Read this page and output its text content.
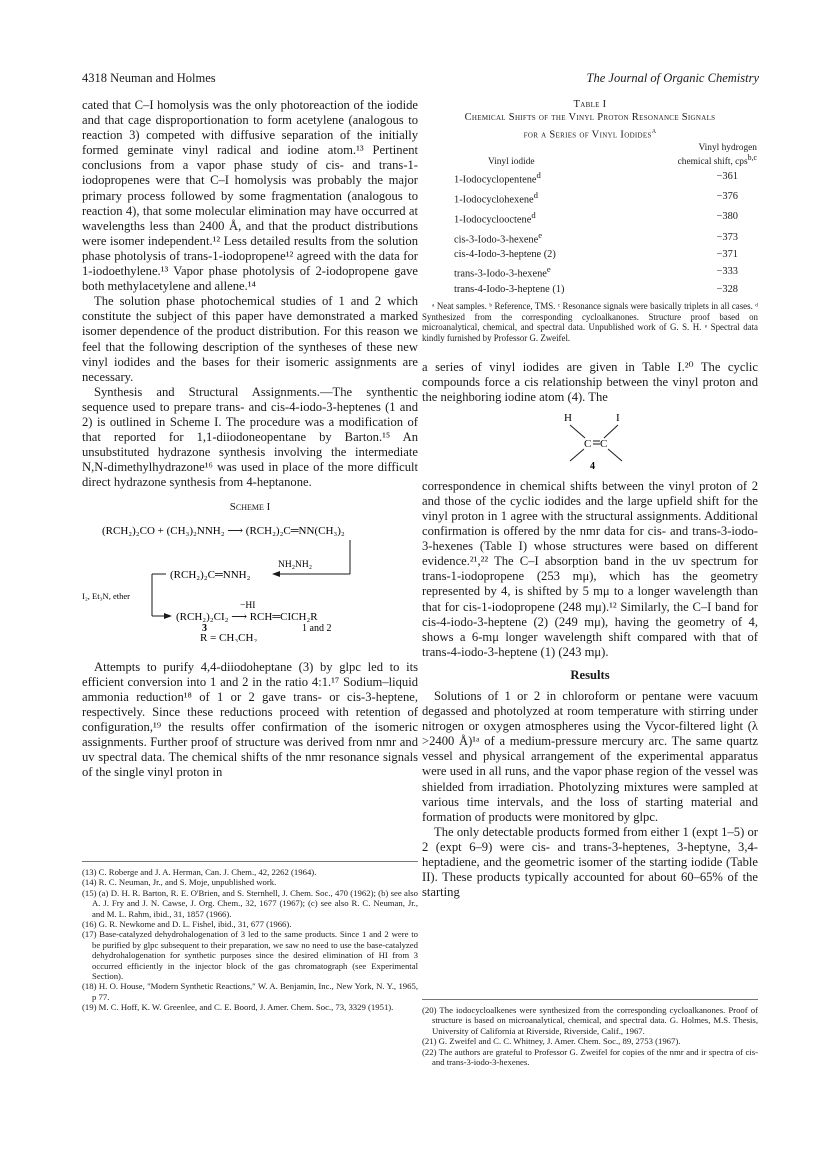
4318 Neuman and Holmes	The Journal of Organic Chemistry

cated that C–I homolysis was the only photoreaction of the iodide and that cage disproportionation to form acetylene (analogous to reaction 3) competed with diffusive separation of the initially formed geminate vinyl radical and iodine atom.¹³ Pertinent conclusions from a vapor phase study of cis- and trans-1-iodopropenes were that C–I homolysis was probably the major primary process followed by some fragmentation (analogous to reaction 4), that some molecular elimination may have occurred at wavelengths less than 2400 Å, and that the product distributions were isomer independent.¹² Less detailed results from the solution phase photolysis of trans-1-iodopropene¹² agreed with the data for 1-iodoethylene.¹³ Vapor phase photolysis of 2-iodopropene gave both methylacetylene and allene.¹⁴

The solution phase photochemical studies of 1 and 2 which constitute the subject of this paper have demonstrated a marked isomer dependence of the product distribution. For this reason we feel that the following description of the syntheses of these new vinyl iodides and the bases for their isomeric assignments are necessary.

Synthesis and Structural Assignments.—The synthentic sequence used to prepare trans- and cis-4-iodo-3-heptenes (1 and 2) is outlined in Scheme I. The procedure was a modification of that reported for 1,1-diiodoneopentane by Barton.¹⁵ An unsubstituted hydrazone synthesis involving the intermediate N,N-dimethylhydrazone¹⁶ was used in place of the more difficult direct hydrazone synthesis from 4-heptanone.

Scheme I
(RCH₂)₂CO + (CH₃)₂NNH₂ ⟶ (RCH₂)₂C═NN(CH₃)₂
NH₂NH₂
(RCH₂)₂C═NNH₂
I₂, Et₃N, ether
−HI
(RCH₂)₂CI₂ ⟶ RCH═CICH₂R
3	1 and 2
R = CH₃CH₂

Attempts to purify 4,4-diiodoheptane (3) by glpc led to its efficient conversion into 1 and 2 in the ratio 4:1.¹⁷ Sodium–liquid ammonia reduction¹⁸ of 1 or 2 gave trans- or cis-3-heptene, respectively. Since these reductions proceed with retention of configuration,¹⁹ the results offer confirmation of the isomeric assignments. Further proof of structure was derived from nmr and uv spectral data. The chemical shifts of the nmr resonance signals of the single vinyl proton in

(13) C. Roberge and J. A. Herman, Can. J. Chem., 42, 2262 (1964).

(14) R. C. Neuman, Jr., and S. Moje, unpublished work.

(15) (a) D. H. R. Barton, R. E. O'Brien, and S. Sternhell, J. Chem. Soc., 470 (1962); (b) see also A. J. Fry and J. N. Cawse, J. Org. Chem., 32, 1677 (1967); (c) see also R. C. Neuman, Jr., and M. L. Rahm, ibid., 31, 1857 (1966).

(16) G. R. Newkome and D. L. Fishel, ibid., 31, 677 (1966).

(17) Base-catalyzed dehydrohalogenation of 3 led to the same products. Since 1 and 2 were to be purified by glpc subsequent to their preparation, we saw no need to use the base-catalyzed dehydrohalogenation for synthetic purposes since the desired elimination of HI from 3 occurred efficiently in the injector block of the gas chromatograph (see Experimental Section).

(18) H. O. House, "Modern Synthetic Reactions," W. A. Benjamin, Inc., New York, N. Y., 1965, p 77.

(19) M. C. Hoff, K. W. Greenlee, and C. E. Boord, J. Amer. Chem. Soc., 73, 3329 (1951).

Table I
Chemical Shifts of the Vinyl Proton Resonance Signals
for a Series of Vinyl Iodides$^a$
Vinyl iodide	Vinyl hydrogen
chemical shift, cps$^{b,c}$
1-Iodocyclopentene$^d$	−361
1-Iodocyclohexene$^d$	−376
1-Iodocyclooctene$^d$	−380
cis-3-Iodo-3-hexene$^e$	−373
cis-4-Iodo-3-heptene (2)	−371
trans-3-Iodo-3-hexene$^e$	−333
trans-4-Iodo-3-heptene (1)	−328
ᵃ Neat samples. ᵇ Reference, TMS. ᶜ Resonance signals were basically triplets in all cases. ᵈ Synthesized from the corresponding cycloalkanones. Structure proof based on microanalytical, chemical, and spectral data. Unpublished work of G. S. H. ᵉ Spectral data kindly furnished by Professor G. Zweifel.

a series of vinyl iodides are given in Table I.²⁰ The cyclic compounds force a cis relationship between the vinyl proton and the neighboring iodine atom (4). The

H	I
C C
4

correspondence in chemical shifts between the vinyl proton of 2 and those of the cyclic iodides and the large upfield shift for the vinyl proton in 1 agree with the structural assignments. Additional confirmation is offered by the nmr data for cis- and trans-3-iodo-3-hexenes (Table I) whose structures were based on different evidence.²¹,²² The C–I absorption band in the uv spectrum for trans-1-iodopropene (253 mμ), which has the geometry represented by 4, is shifted by 5 mμ to a longer wavelength than that for cis-1-iodopropene (248 mμ).¹² Similarly, the C–I band for cis-4-iodo-3-heptene (2) (249 mμ), having the geometry of 4, shows a 6-mμ longer wavelength shift compared with that of trans-4-iodo-3-heptene (1) (243 mμ).

Results

Solutions of 1 or 2 in chloroform or pentane were vacuum degassed and photolyzed at room temperature with stirring under nitrogen or oxygen atmospheres using the Vycor-filtered light (λ >2400 Å)¹ᵃ of a medium-pressure mercury arc. The same quartz vessel and physical arrangement of the experimental apparatus were used in all runs, and the vapor phase region of the vessel was shielded from irradiation. Photolyzing mixtures were sampled at various time intervals, and the loss of starting material and formation of products were monitored by glpc.

The only detectable products formed from either 1 (expt 1–5) or 2 (expt 6–9) were cis- and trans-3-heptenes, 3-heptyne, 3,4-heptadiene, and the geometric isomer of the starting iodide (Table II). These products typically accounted for about 60–65% of the starting

(20) The iodocycloalkenes were synthesized from the corresponding cycloalkanones. Proof of structure is based on microanalytical, chemical, and spectral data. G. Holmes, M.S. Thesis, University of California at Riverside, Riverside, Calif., 1967.

(21) G. Zweifel and C. C. Whitney, J. Amer. Chem. Soc., 89, 2753 (1967).

(22) The authors are grateful to Professor G. Zweifel for copies of the nmr and ir spectra of cis- and trans-3-iodo-3-hexenes.
